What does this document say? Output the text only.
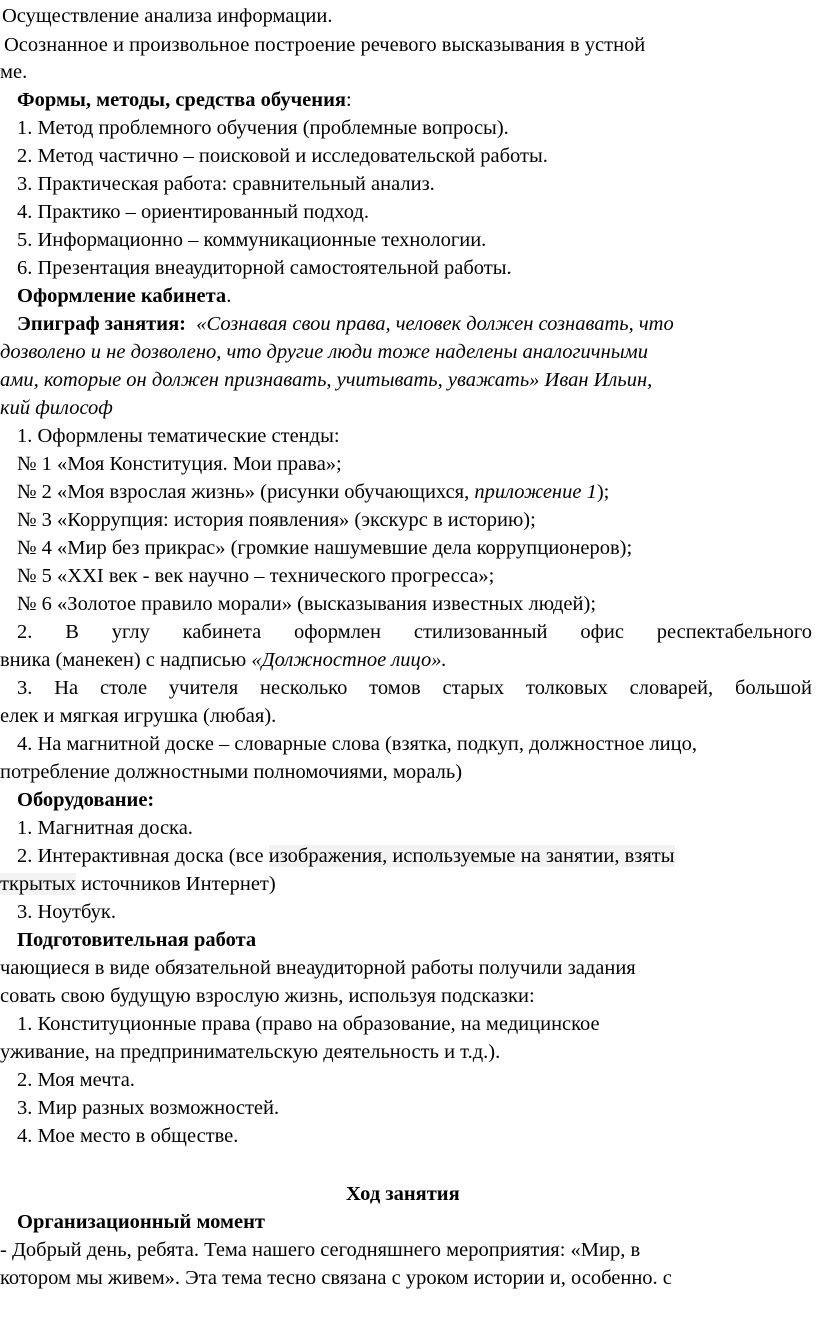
Осуществление анализа информации.
Осознанное и произвольное построение речевого высказывания в устной
ме.
Формы, методы, средства обучения:
1. Метод проблемного обучения (проблемные вопросы).
2. Метод частично – поисковой и исследовательской работы.
3. Практическая работа: сравнительный анализ.
4. Практико – ориентированный подход.
5. Информационно – коммуникационные технологии.
6. Презентация внеаудиторной самостоятельной работы.
Оформление кабинета.
Эпиграф занятия: «Сознавая свои права, человек должен сознавать, что
дозволено и не дозволено, что другие люди тоже наделены аналогичными
ами, которые он должен признавать, учитывать, уважать» Иван Ильин,
кий философ
1. Оформлены тематические стенды:
№ 1 «Моя Конституция. Мои права»;
№ 2 «Моя взрослая жизнь» (рисунки обучающихся, приложение 1);
№ 3 «Коррупция: история появления» (экскурс в историю);
№ 4 «Мир без прикрас» (громкие нашумевшие дела коррупционеров);
№ 5 «XXI век - век научно – технического прогресса»;
№ 6 «Золотое правило морали» (высказывания известных людей);
2. В углу кабинета оформлен стилизованный офис респектабельного
вника (манекен) с надписью «Должностное лицо».
3. На столе учителя несколько томов старых толковых словарей, большой
елек и мягкая игрушка (любая).
4. На магнитной доске – словарные слова (взятка, подкуп, должностное лицо,
потребление должностными полномочиями, мораль)
Оборудование:
1. Магнитная доска.
2. Интерактивная доска (все изображения, используемые на занятии, взяты
ткрытых источников Интернет)
3. Ноутбук.
Подготовительная работа
чающиеся в виде обязательной внеаудиторной работы получили задания
совать свою будущую взрослую жизнь, используя подсказки:
1. Конституционные права (право на образование, на медицинское
уживание, на предпринимательскую деятельность и т.д.).
2. Моя мечта.
3. Мир разных возможностей.
4. Мое место в обществе.
Ход занятия
Организационный момент
- Добрый день, ребята. Тема нашего сегодняшнего мероприятия: «Мир, в
котором мы живем». Эта тема тесно связана с уроком истории и, особенно. с
